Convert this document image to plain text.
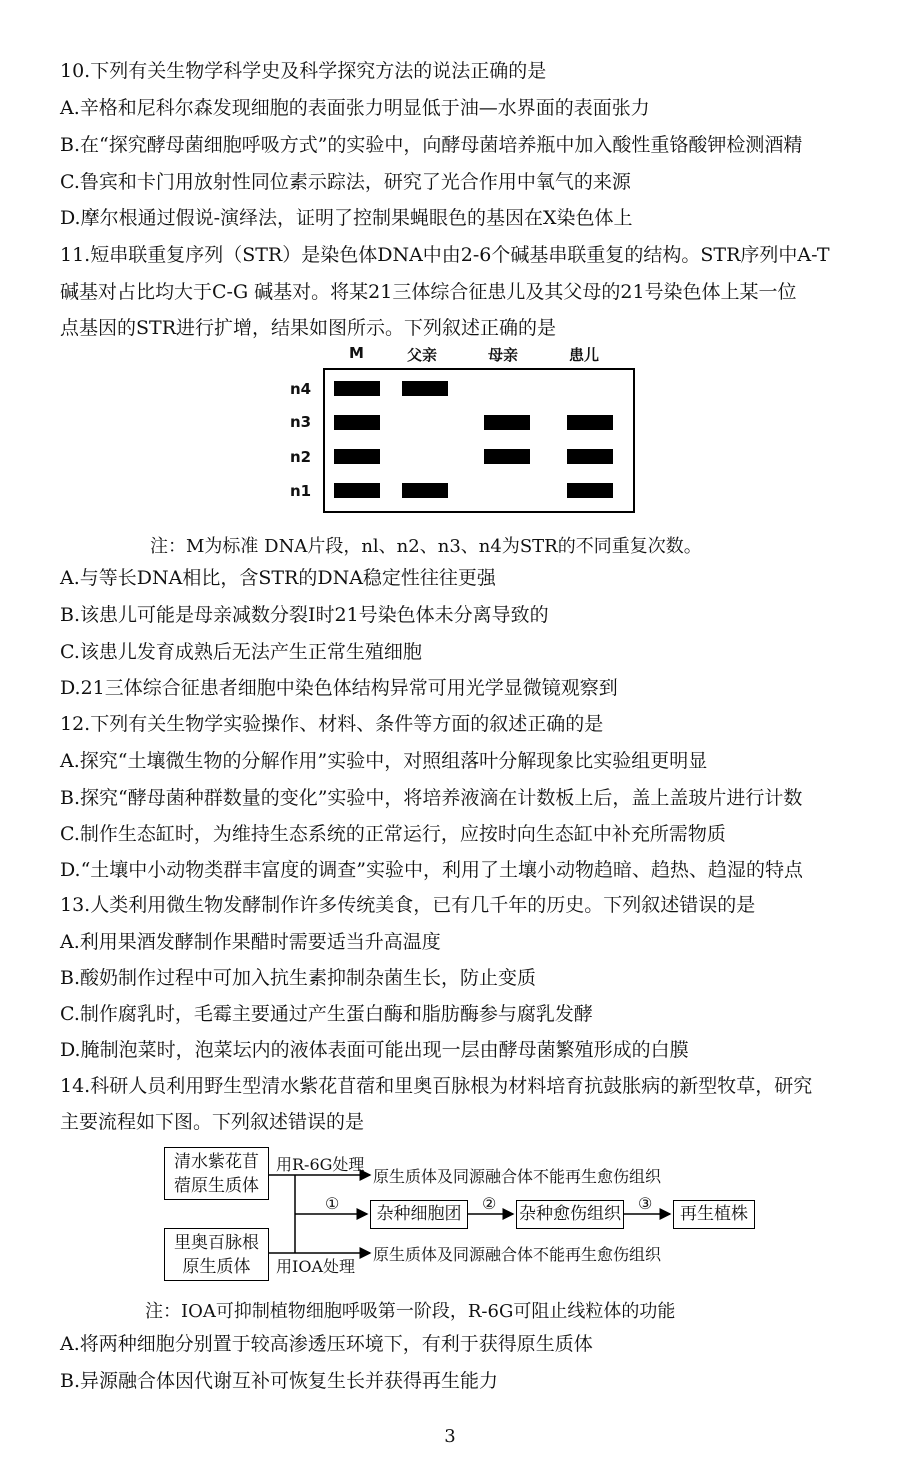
10.下列有关生物学科学史及科学探究方法的说法正确的是
A.辛格和尼科尔森发现细胞的表面张力明显低于油—水界面的表面张力
B.在“探究酵母菌细胞呼吸方式”的实验中，向酵母菌培养瓶中加入酸性重铬酸钾检测酒精
C.鲁宾和卡门用放射性同位素示踪法，研究了光合作用中氧气的来源
D.摩尔根通过假说-演绎法，证明了控制果蝇眼色的基因在X染色体上
11.短串联重复序列（STR）是染色体DNA中由2-6个碱基串联重复的结构。STR序列中A-T
碱基对占比均大于C-G 碱基对。将某21三体综合征患儿及其父母的21号染色体上某一位
点基因的STR进行扩增，结果如图所示。下列叙述正确的是
M	父亲	母亲	患儿
n4
n3
n2
n1
注：M为标准 DNA片段，nl、n2、n3、n4为STR的不同重复次数。
A.与等长DNA相比，含STR的DNA稳定性往往更强
B.该患儿可能是母亲减数分裂Ⅰ时21号染色体未分离导致的
C.该患儿发育成熟后无法产生正常生殖细胞
D.21三体综合征患者细胞中染色体结构异常可用光学显微镜观察到
12.下列有关生物学实验操作、材料、条件等方面的叙述正确的是
A.探究“土壤微生物的分解作用”实验中，对照组落叶分解现象比实验组更明显
B.探究“酵母菌种群数量的变化”实验中，将培养液滴在计数板上后，盖上盖玻片进行计数
C.制作生态缸时，为维持生态系统的正常运行，应按时向生态缸中补充所需物质
D.“土壤中小动物类群丰富度的调查”实验中，利用了土壤小动物趋暗、趋热、趋湿的特点
13.人类利用微生物发酵制作许多传统美食，已有几千年的历史。下列叙述错误的是
A.利用果酒发酵制作果醋时需要适当升高温度
B.酸奶制作过程中可加入抗生素抑制杂菌生长，防止变质
C.制作腐乳时，毛霉主要通过产生蛋白酶和脂肪酶参与腐乳发酵
D.腌制泡菜时，泡菜坛内的液体表面可能出现一层由酵母菌繁殖形成的白膜
14.科研人员利用野生型清水紫花苜蓿和里奥百脉根为材料培育抗鼓胀病的新型牧草，研究
主要流程如下图。下列叙述错误的是
清水紫花苜
蓿原生质体
里奥百脉根
原生质体
用R-6G处理
用IOA处理
原生质体及同源融合体不能再生愈伤组织
原生质体及同源融合体不能再生愈伤组织
①	②	③
杂种细胞团	杂种愈伤组织	再生植株
注：IOA可抑制植物细胞呼吸第一阶段，R-6G可阻止线粒体的功能
A.将两种细胞分别置于较高渗透压环境下，有利于获得原生质体
B.异源融合体因代谢互补可恢复生长并获得再生能力
3
